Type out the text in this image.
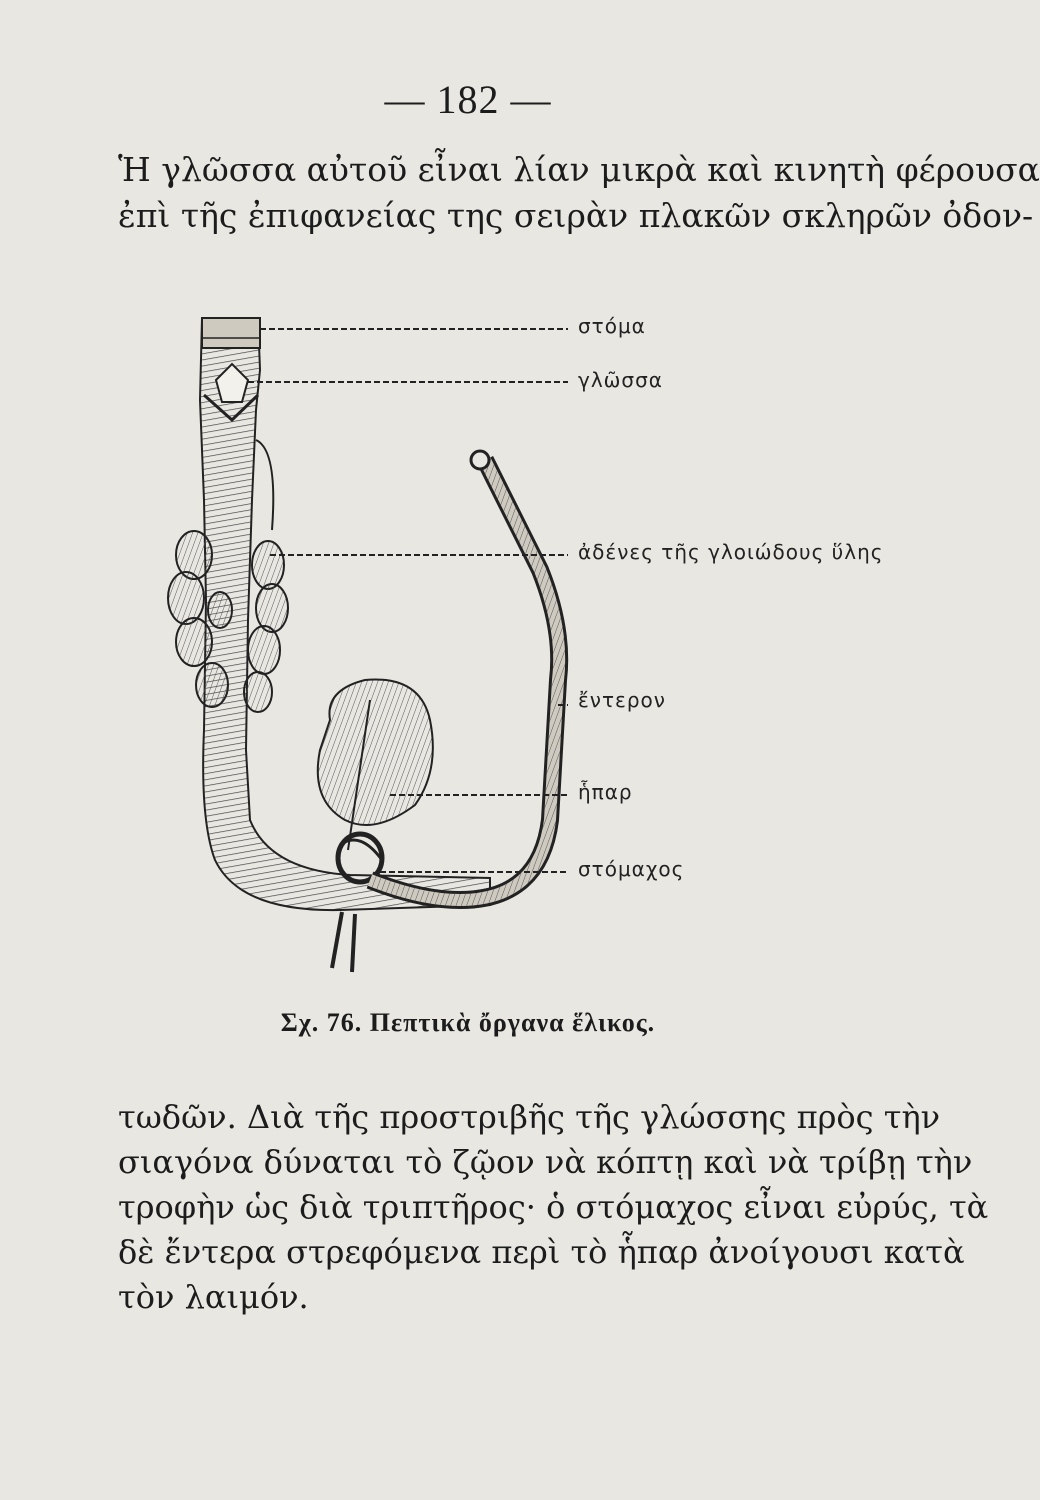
— 182 —
Ἡ γλῶσσα αὐτοῦ εἶναι λίαν μικρὰ καὶ κινητὴ φέρουσα
ἐπὶ τῆς ἐπιφανείας της σειρὰν πλακῶν σκληρῶν ὀδον-
στόμα
γλῶσσα
ἀδένες τῆς γλοιώδους ὕλης
ἔντερον
ἧπαρ
στόμαχος
Σχ. 76. Πεπτικὰ ὄργανα ἕλικος.
τωδῶν. Διὰ τῆς προστριβῆς τῆς γλώσσης πρὸς τὴν
σιαγόνα δύναται τὸ ζῷον νὰ κόπτῃ καὶ νὰ τρίβῃ τὴν
τροφὴν ὡς διὰ τριπτῆρος· ὁ στόμαχος εἶναι εὐρύς, τὰ
δὲ ἔντερα στρεφόμενα περὶ τὸ ἧπαρ ἀνοίγουσι κατὰ
τὸν λαιμόν.
